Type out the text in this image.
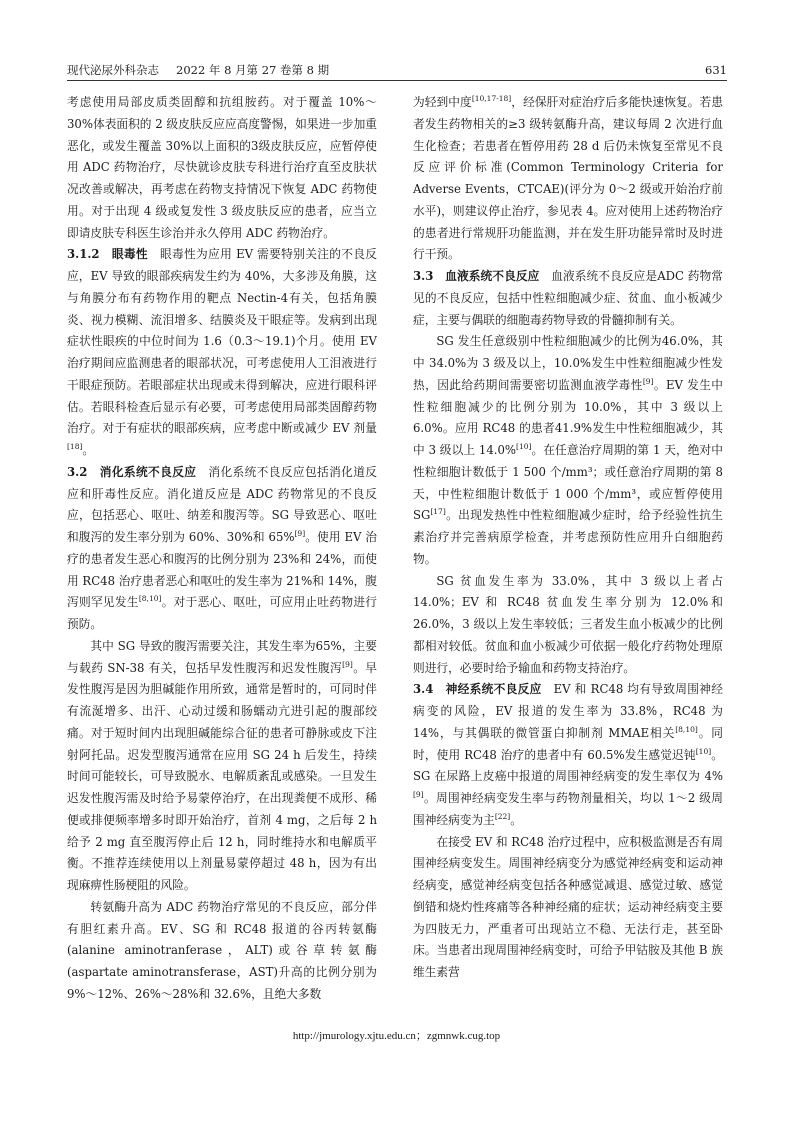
现代泌尿外科杂志 2022 年 8 月第 27 卷第 8 期	631

考虑使用局部皮质类固醇和抗组胺药。对于覆盖 10%～30%体表面积的 2 级皮肤反应应高度警惕，如果进一步加重恶化，或发生覆盖 30%以上面积的3级皮肤反应，应暂停使用 ADC 药物治疗，尽快就诊皮肤专科进行治疗直至皮肤状况改善或解决，再考虑在药物支持情况下恢复 ADC 药物使用。对于出现 4 级或复发性 3 级皮肤反应的患者，应当立即请皮肤专科医生诊治并永久停用 ADC 药物治疗。

3.1.2　眼毒性　眼毒性为应用 EV 需要特别关注的不良反应，EV 导致的眼部疾病发生约为 40%，大多涉及角膜，这与角膜分布有药物作用的靶点 Nectin-4有关，包括角膜炎、视力模糊、流泪增多、结膜炎及干眼症等。发病到出现症状性眼疾的中位时间为 1.6（0.3～19.1)个月。使用 EV 治疗期间应监测患者的眼部状况，可考虑使用人工泪液进行干眼症预防。若眼部症状出现或未得到解决，应进行眼科评估。若眼科检查后显示有必要，可考虑使用局部类固醇药物治疗。对于有症状的眼部疾病，应考虑中断或减少 EV 剂量[18]。

3.2　消化系统不良反应　消化系统不良反应包括消化道反应和肝毒性反应。消化道反应是 ADC 药物常见的不良反应，包括恶心、呕吐、纳差和腹泻等。SG 导致恶心、呕吐和腹泻的发生率分别为 60%、30%和 65%[9]。使用 EV 治疗的患者发生恶心和腹泻的比例分别为 23%和 24%，而使用 RC48 治疗患者恶心和呕吐的发生率为 21%和 14%，腹泻则罕见发生[8,10]。对于恶心、呕吐，可应用止吐药物进行预防。

其中 SG 导致的腹泻需要关注，其发生率为65%，主要与载药 SN-38 有关，包括早发性腹泻和迟发性腹泻[9]。早发性腹泻是因为胆碱能作用所致，通常是暂时的，可同时伴有流涎增多、出汗、心动过缓和肠蠕动亢进引起的腹部绞痛。对于短时间内出现胆碱能综合征的患者可静脉或皮下注射阿托品。迟发型腹泻通常在应用 SG 24 h 后发生，持续时间可能较长，可导致脱水、电解质紊乱或感染。一旦发生迟发性腹泻需及时给予易蒙停治疗，在出现粪便不成形、稀便或排便频率增多时即开始治疗，首剂 4 mg，之后每 2 h给予 2 mg 直至腹泻停止后 12 h，同时维持水和电解质平衡。不推荐连续使用以上剂量易蒙停超过 48 h，因为有出现麻痹性肠梗阻的风险。

转氨酶升高为 ADC 药物治疗常见的不良反应，部分伴有胆红素升高。EV、SG 和 RC48 报道的谷丙转氨酶(alanine aminotranferase，ALT)或谷草转氨酶(aspartate aminotransferase，AST)升高的比例分别为 9%～12%、26%～28%和 32.6%，且绝大多数

为轻到中度[10,17-18]，经保肝对症治疗后多能快速恢复。若患者发生药物相关的≥3 级转氨酶升高，建议每周 2 次进行血生化检查；若患者在暂停用药 28 d 后仍未恢复至常见不良反应评价标准(Common Terminology Criteria for Adverse Events，CTCAE)(评分为 0～2 级或开始治疗前水平)，则建议停止治疗，参见表 4。应对使用上述药物治疗的患者进行常规肝功能监测，并在发生肝功能异常时及时进行干预。

3.3　血液系统不良反应　血液系统不良反应是ADC 药物常见的不良反应，包括中性粒细胞减少症、贫血、血小板减少症，主要与偶联的细胞毒药物导致的骨髓抑制有关。

SG 发生任意级别中性粒细胞减少的比例为46.0%，其中 34.0%为 3 级及以上，10.0%发生中性粒细胞减少性发热，因此给药期间需要密切监测血液学毒性[9]。EV 发生中性粒细胞减少的比例分别为 10.0%，其中 3 级以上 6.0%。应用 RC48 的患者41.9%发生中性粒细胞减少，其中 3 级以上 14.0%[10]。在任意治疗周期的第 1 天，绝对中性粒细胞计数低于 1 500 个/mm³；或任意治疗周期的第 8 天，中性粒细胞计数低于 1 000 个/mm³，或应暂停使用SG[17]。出现发热性中性粒细胞减少症时，给予经验性抗生素治疗并完善病原学检查，并考虑预防性应用升白细胞药物。

SG 贫血发生率为 33.0%，其中 3 级以上者占14.0%；EV 和 RC48 贫血发生率分别为 12.0%和26.0%，3 级以上发生率较低；三者发生血小板减少的比例都相对较低。贫血和血小板减少可依据一般化疗药物处理原则进行，必要时给予输血和药物支持治疗。

3.4　神经系统不良反应　EV 和 RC48 均有导致周围神经病变的风险，EV 报道的发生率为 33.8%，RC48 为 14%，与其偶联的微管蛋白抑制剂 MMAE相关[8,10]。同时，使用 RC48 治疗的患者中有 60.5%发生感觉迟钝[10]。SG 在尿路上皮癌中报道的周围神经病变的发生率仅为 4%[9]。周围神经病变发生率与药物剂量相关，均以 1～2 级周围神经病变为主[22]。

在接受 EV 和 RC48 治疗过程中，应积极监测是否有周围神经病变发生。周围神经病变分为感觉神经病变和运动神经病变，感觉神经病变包括各种感觉减退、感觉过敏、感觉倒错和烧灼性疼痛等各种神经痛的症状；运动神经病变主要为四肢无力，严重者可出现站立不稳、无法行走，甚至卧床。当患者出现周围神经病变时，可给予甲钴胺及其他 B 族维生素营

http://jmurology.xjtu.edu.cn；zgmnwk.cug.top
